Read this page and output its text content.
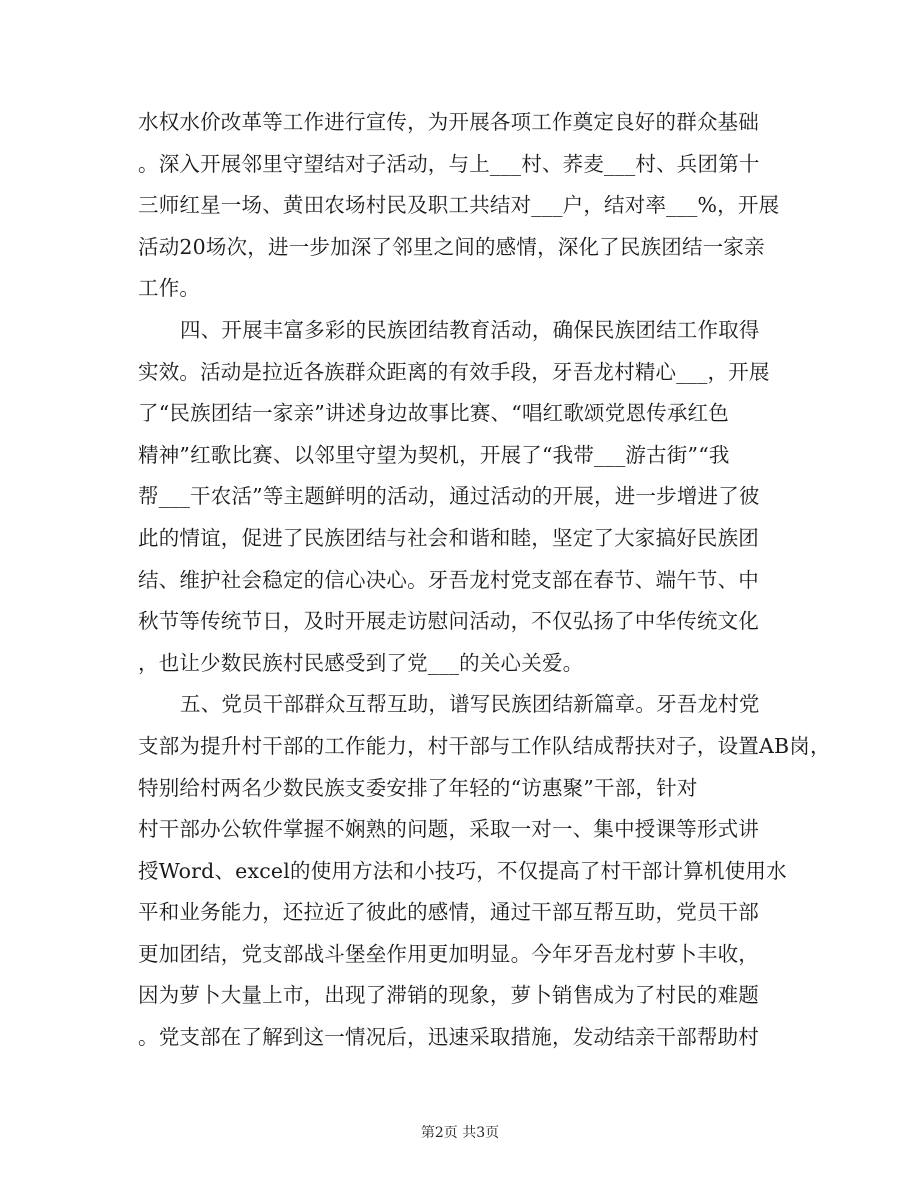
水权水价改革等工作进行宣传，为开展各项工作奠定良好的群众基础
。深入开展邻里守望结对子活动，与上___村、荞麦___村、兵团第十
三师红星一场、黄田农场村民及职工共结对___户，结对率___%，开展
活动20场次，进一步加深了邻里之间的感情，深化了民族团结一家亲
工作。
四、开展丰富多彩的民族团结教育活动，确保民族团结工作取得
实效。活动是拉近各族群众距离的有效手段，牙吾龙村精心___，开展
了“民族团结一家亲”讲述身边故事比赛、“唱红歌颂党恩传承红色
精神”红歌比赛、以邻里守望为契机，开展了“我带___游古街”“我
帮___干农活”等主题鲜明的活动，通过活动的开展，进一步增进了彼
此的情谊，促进了民族团结与社会和谐和睦，坚定了大家搞好民族团
结、维护社会稳定的信心决心。牙吾龙村党支部在春节、端午节、中
秋节等传统节日，及时开展走访慰问活动，不仅弘扬了中华传统文化
，也让少数民族村民感受到了党___的关心关爱。
五、党员干部群众互帮互助，谱写民族团结新篇章。牙吾龙村党
支部为提升村干部的工作能力，村干部与工作队结成帮扶对子，设置AB岗，
特别给村两名少数民族支委安排了年轻的“访惠聚”干部，针对
村干部办公软件掌握不娴熟的问题，采取一对一、集中授课等形式讲
授Word、excel的使用方法和小技巧，不仅提高了村干部计算机使用水
平和业务能力，还拉近了彼此的感情，通过干部互帮互助，党员干部
更加团结，党支部战斗堡垒作用更加明显。今年牙吾龙村萝卜丰收，
因为萝卜大量上市，出现了滞销的现象，萝卜销售成为了村民的难题
。党支部在了解到这一情况后，迅速采取措施，发动结亲干部帮助村
第2页 共3页
